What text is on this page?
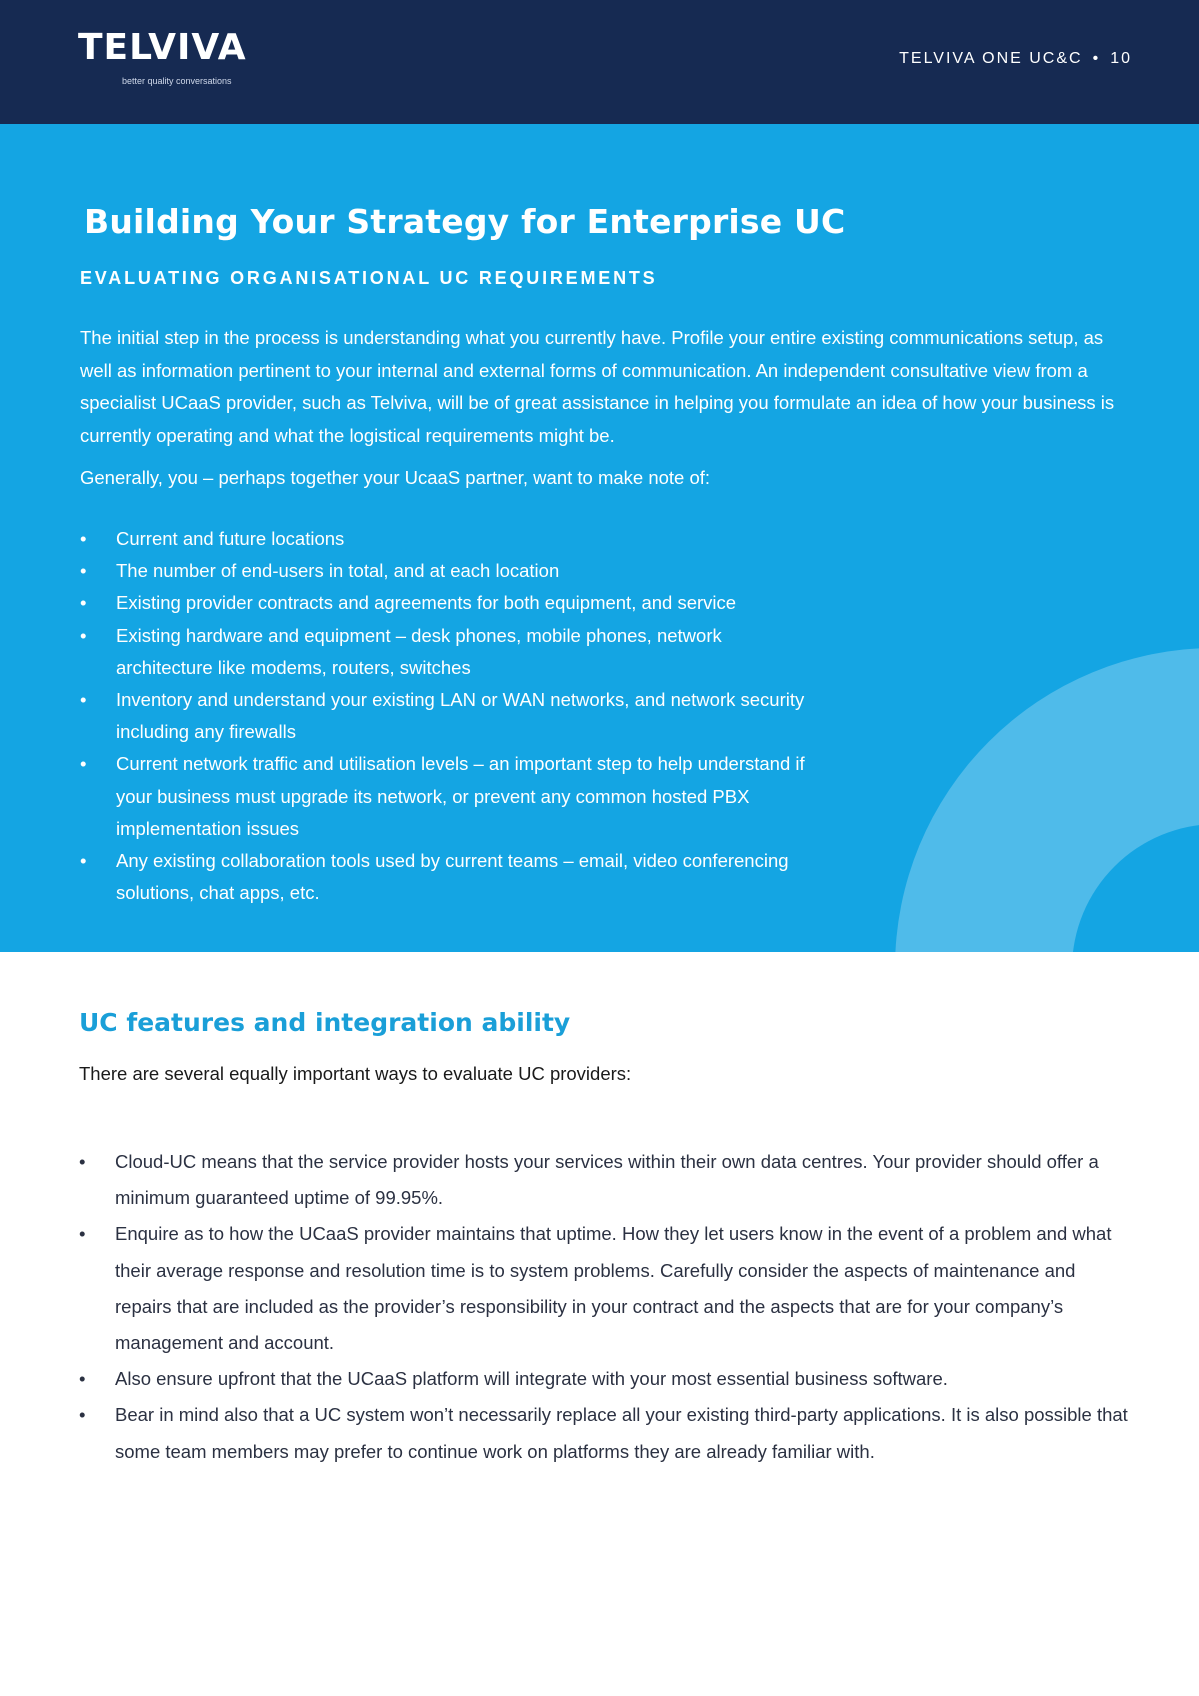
TELVIVA
better quality conversations
TELVIVA ONE UC&C • 10
Building Your Strategy for Enterprise UC
EVALUATING ORGANISATIONAL UC REQUIREMENTS

The initial step in the process is understanding what you currently have. Profile your entire existing communications setup, as well as information pertinent to your internal and external forms of communication. An independent consultative view from a specialist UCaaS provider, such as Telviva, will be of great assistance in helping you formulate an idea of how your business is currently operating and what the logistical requirements might be.

Generally, you – perhaps together your UcaaS partner, want to make note of:

• Current and future locations
• The number of end-users in total, and at each location
• Existing provider contracts and agreements for both equipment, and service
• Existing hardware and equipment – desk phones, mobile phones, network architecture like modems, routers, switches
• Inventory and understand your existing LAN or WAN networks, and network security including any firewalls
• Current network traffic and utilisation levels – an important step to help understand if your business must upgrade its network, or prevent any common hosted PBX implementation issues
• Any existing collaboration tools used by current teams – email, video conferencing solutions, chat apps, etc.
UC features and integration ability

There are several equally important ways to evaluate UC providers:

• Cloud-UC means that the service provider hosts your services within their own data centres. Your provider should offer a minimum guaranteed uptime of 99.95%.
• Enquire as to how the UCaaS provider maintains that uptime. How they let users know in the event of a problem and what their average response and resolution time is to system problems. Carefully consider the aspects of maintenance and repairs that are included as the provider’s responsibility in your contract and the aspects that are for your company’s management and account.
• Also ensure upfront that the UCaaS platform will integrate with your most essential business software.
• Bear in mind also that a UC system won’t necessarily replace all your existing third-party applications. It is also possible that some team members may prefer to continue work on platforms they are already familiar with.
